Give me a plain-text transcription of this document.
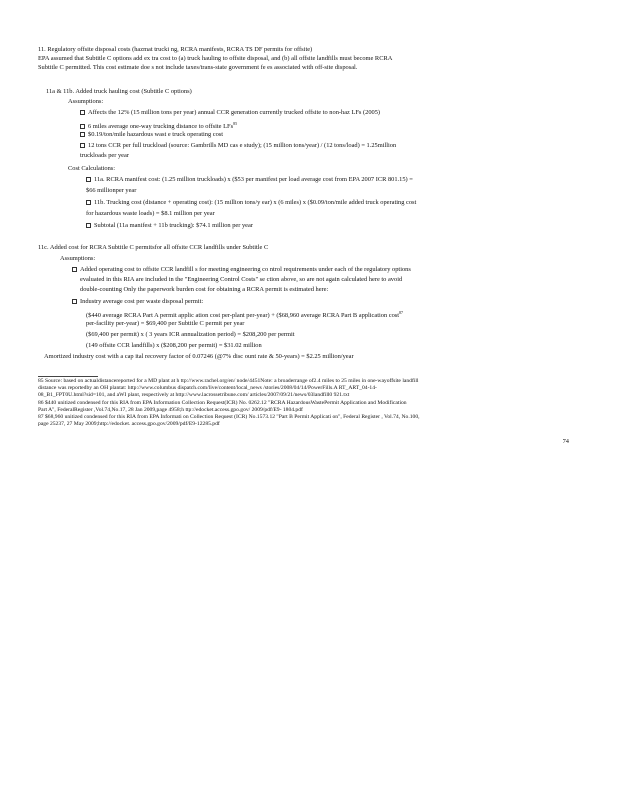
11. Regulatory offsite disposal costs (hazmat trucki ng, RCRA manifests, RCRA TS DF permits for offsite)
EPA assumed that Subtitle C options add ex tra cost to (a) truck hauling to offsite disposal, and (b) all offsite landfills must become RCRA
Subtitle C permitted. This cost estimate doe s not include taxes/trans-state government fe es associated with off-site disposal.
11a & 11b. Added truck hauling cost (Subtitle C options)
Assumptions:
Affects the 12% (15 million tons per year) annual CCR generation currently trucked offsite to non-haz LFs (2005)
6 miles average one-way trucking distance to offsite LFs$^{85}$
$0.19/ton/mile hazardous wast e truck operating cost
12 tons CCR per full truckload (source: Gambrills MD cas e study); (15 million tons/year) / (12 tons/load) = 1.25million
truckloads per year
Cost Calculations:
11a. RCRA manifest cost: (1.25 million truckloads) x ($53 per manifest per load average cost from EPA 2007 ICR 801.15) =
$66 millionper year
11b. Trucking cost (distance + operating cost): (15 million tons/y ear) x (6 miles) x ($0.09/ton/mile added truck operating cost
for hazardous waste loads) = $8.1 million per year
Subtotal (11a manifest + 11b trucking): $74.1 million per year
11c. Added cost for RCRA Subtitle C permitsfor all offsite CCR landfills under Subtitle C
Assumptions:
Added operating cost to offsite CCR landfill s for meeting engineering co ntrol requirements under each of the regulatory options
evaluated in this RIA are included in the "Engineering Control Costs" se ction above, so are not again calculated here to avoid
double-counting Only the paperwork burden cost for obtaining a RCRA permit is estimated here:
Industry average cost per waste disposal permit:
($440 average RCRA Part A permit applic ation cost per-plant per-year) + ($68,960 average RCRA Part B application cost$^{87}$
per-facility per-year) = $69,400 per Subtitle C permit per year
($69,400 per permit) x ( 3 years ICR annualization period) = $208,200 per permit
(149 offsite CCR landfills) x ($208,200 per permit) = $31.02 million
Amortized industry cost with a cap ital recovery factor of 0.07246 (@7% disc ount rate & 50-years) = $2.25 million/year
85 Source: based on actualdistancereported for a MD plant at h ttp://www.rachel.org/en/ node/4451Note: a broaderrange of2.4 miles to 25 miles in one-wayoffsite landfill
distance was reportedby an OH plantat: http://www.columbus dispatch.com/live/content/local_news /stories/2008/04/14/PowerFills.A RT_ART_04-14-
08_B1_FPT0U.html?sid=101, and aWI plant, respectively at http://www.lacrossetribune.com/ articles/2007/09/21/news/03landfill0 921.txt
86 $440 unitized condensed for this RIA from EPA Information Collection Request(ICR) No. 0262.12 "RCRA HazardousWastePermit Application and Modification
Part A", FederalRegister ,Vol.74,No.17, 28 Jan 2009,page 4958;h ttp://edocket.access.gpo.gov/ 2009/pdf/E9- 1804.pdf
87 $68,960 unitized condensed for this RIA from EPA Informati on Collection Request (ICR) No.1573.12 "Part B Permit Applicati on", Federal Register , Vol.74, No.100,
page 25237, 27 May 2009;http://edocket. access.gpo.gov/2009/pdf/E9-12285.pdf
74
